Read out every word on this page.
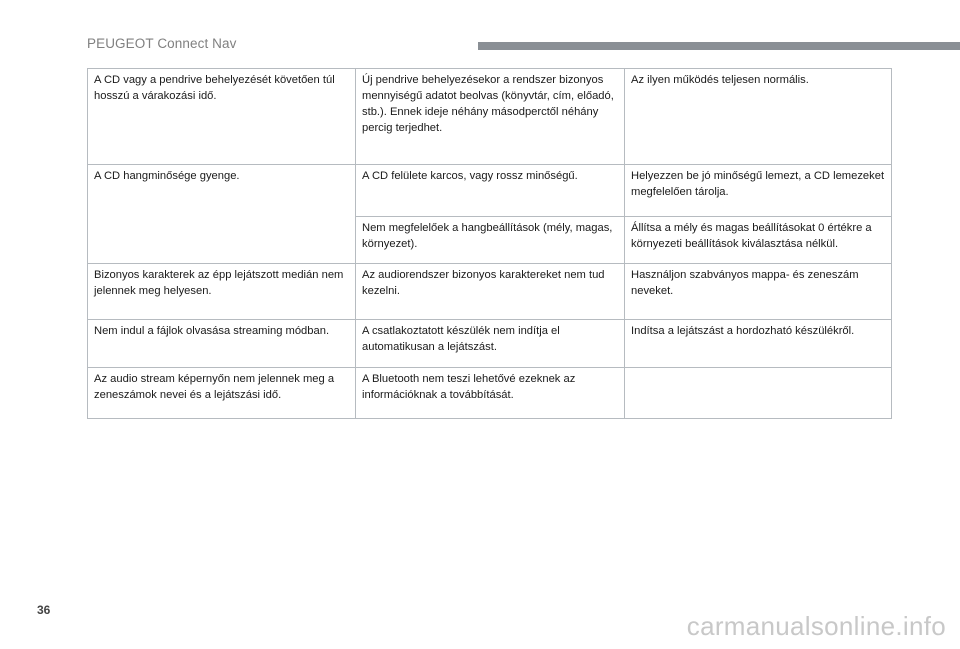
PEUGEOT Connect Nav
A CD vagy a pendrive behelyezését követően túl hosszú a várakozási idő.	Új pendrive behelyezésekor a rendszer bizonyos mennyiségű adatot beolvas (könyvtár, cím, előadó, stb.). Ennek ideje néhány másodperctől néhány percig terjedhet.	Az ilyen működés teljesen normális.
A CD hangminősége gyenge.	A CD felülete karcos, vagy rossz minőségű.	Helyezzen be jó minőségű lemezt, a CD lemezeket megfelelően tárolja.
	Nem megfelelőek a hangbeállítások (mély, magas, környezet).	Állítsa a mély és magas beállításokat 0 értékre a környezeti beállítások kiválasztása nélkül.
Bizonyos karakterek az épp lejátszott medián nem jelennek meg helyesen.	Az audiorendszer bizonyos karaktereket nem tud kezelni.	Használjon szabványos mappa- és zeneszám neveket.
Nem indul a fájlok olvasása streaming módban.	A csatlakoztatott készülék nem indítja el automatikusan a lejátszást.	Indítsa a lejátszást a hordozható készülékről.
Az audio stream képernyőn nem jelennek meg a zeneszámok nevei és a lejátszási idő.	A Bluetooth nem teszi lehetővé ezeknek az információknak a továbbítását.	
36
carmanualsonline.info
